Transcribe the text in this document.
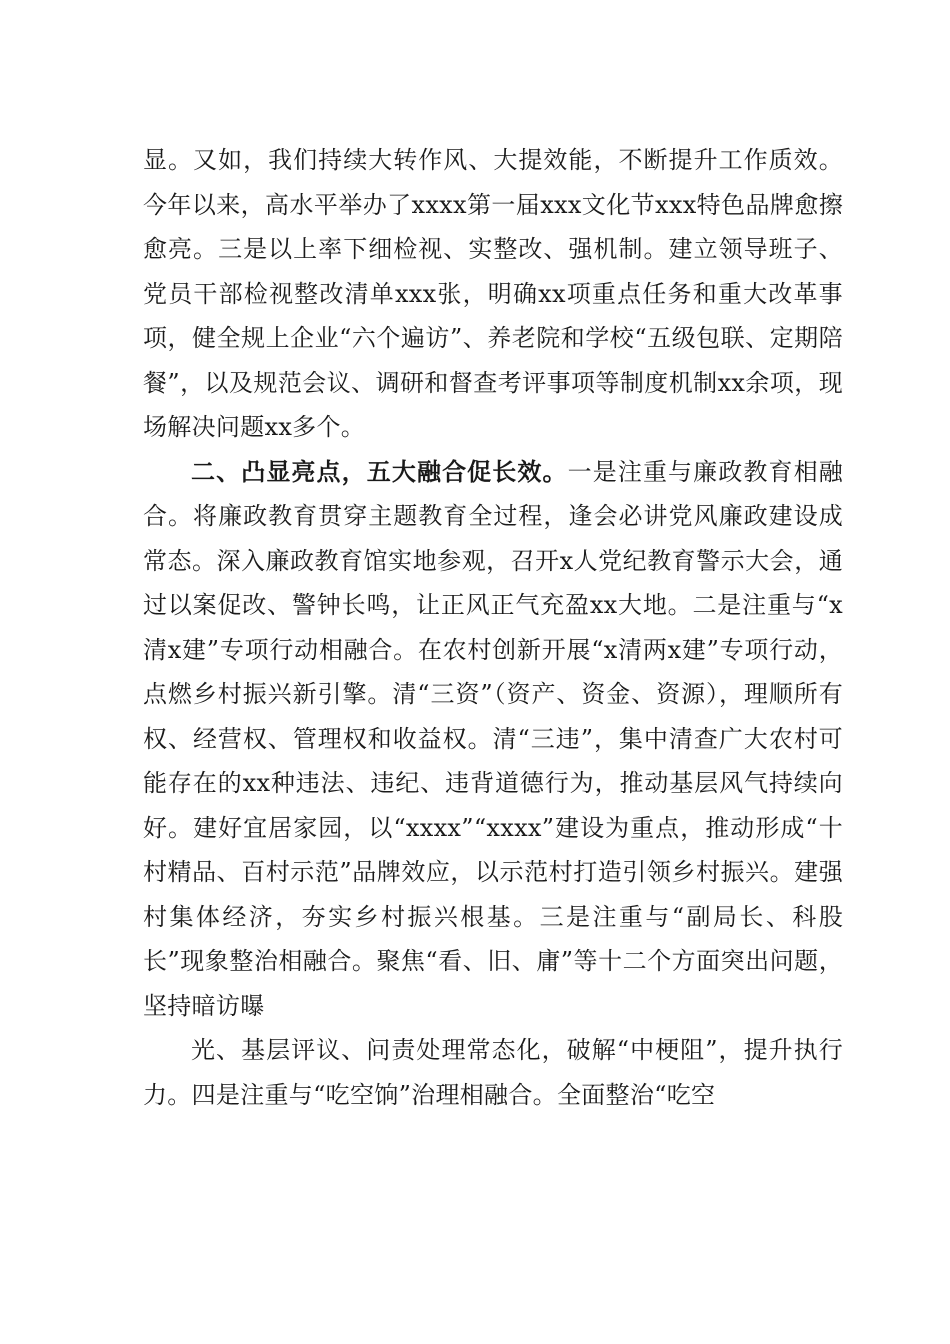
显。又如，我们持续大转作风、大提效能，不断提升工作质效。今年以来，高水平举办了xxxx第一届xxx文化节xxx特色品牌愈擦愈亮。三是以上率下细检视、实整改、强机制。建立领导班子、党员干部检视整改清单xxx张，明确xx项重点任务和重大改革事项，健全规上企业“六个遍访”、养老院和学校“五级包联、定期陪餐”，以及规范会议、调研和督查考评事项等制度机制xx余项，现场解决问题xx多个。

二、凸显亮点，五大融合促长效。一是注重与廉政教育相融合。将廉政教育贯穿主题教育全过程，逢会必讲党风廉政建设成常态。深入廉政教育馆实地参观，召开x人党纪教育警示大会，通过以案促改、警钟长鸣，让正风正气充盈xx大地。二是注重与“x清x建”专项行动相融合。在农村创新开展“x清两x建”专项行动，点燃乡村振兴新引擎。清“三资”（资产、资金、资源），理顺所有权、经营权、管理权和收益权。清“三违”，集中清查广大农村可能存在的xx种违法、违纪、违背道德行为，推动基层风气持续向好。建好宜居家园，以“xxxx”“xxxx”建设为重点，推动形成“十村精品、百村示范”品牌效应，以示范村打造引领乡村振兴。建强村集体经济，夯实乡村振兴根基。三是注重与“副局长、科股长”现象整治相融合。聚焦“看、旧、庸”等十二个方面突出问题，坚持暗访曝

光、基层评议、问责处理常态化，破解“中梗阻”，提升执行力。四是注重与“吃空饷”治理相融合。全面整治“吃空
